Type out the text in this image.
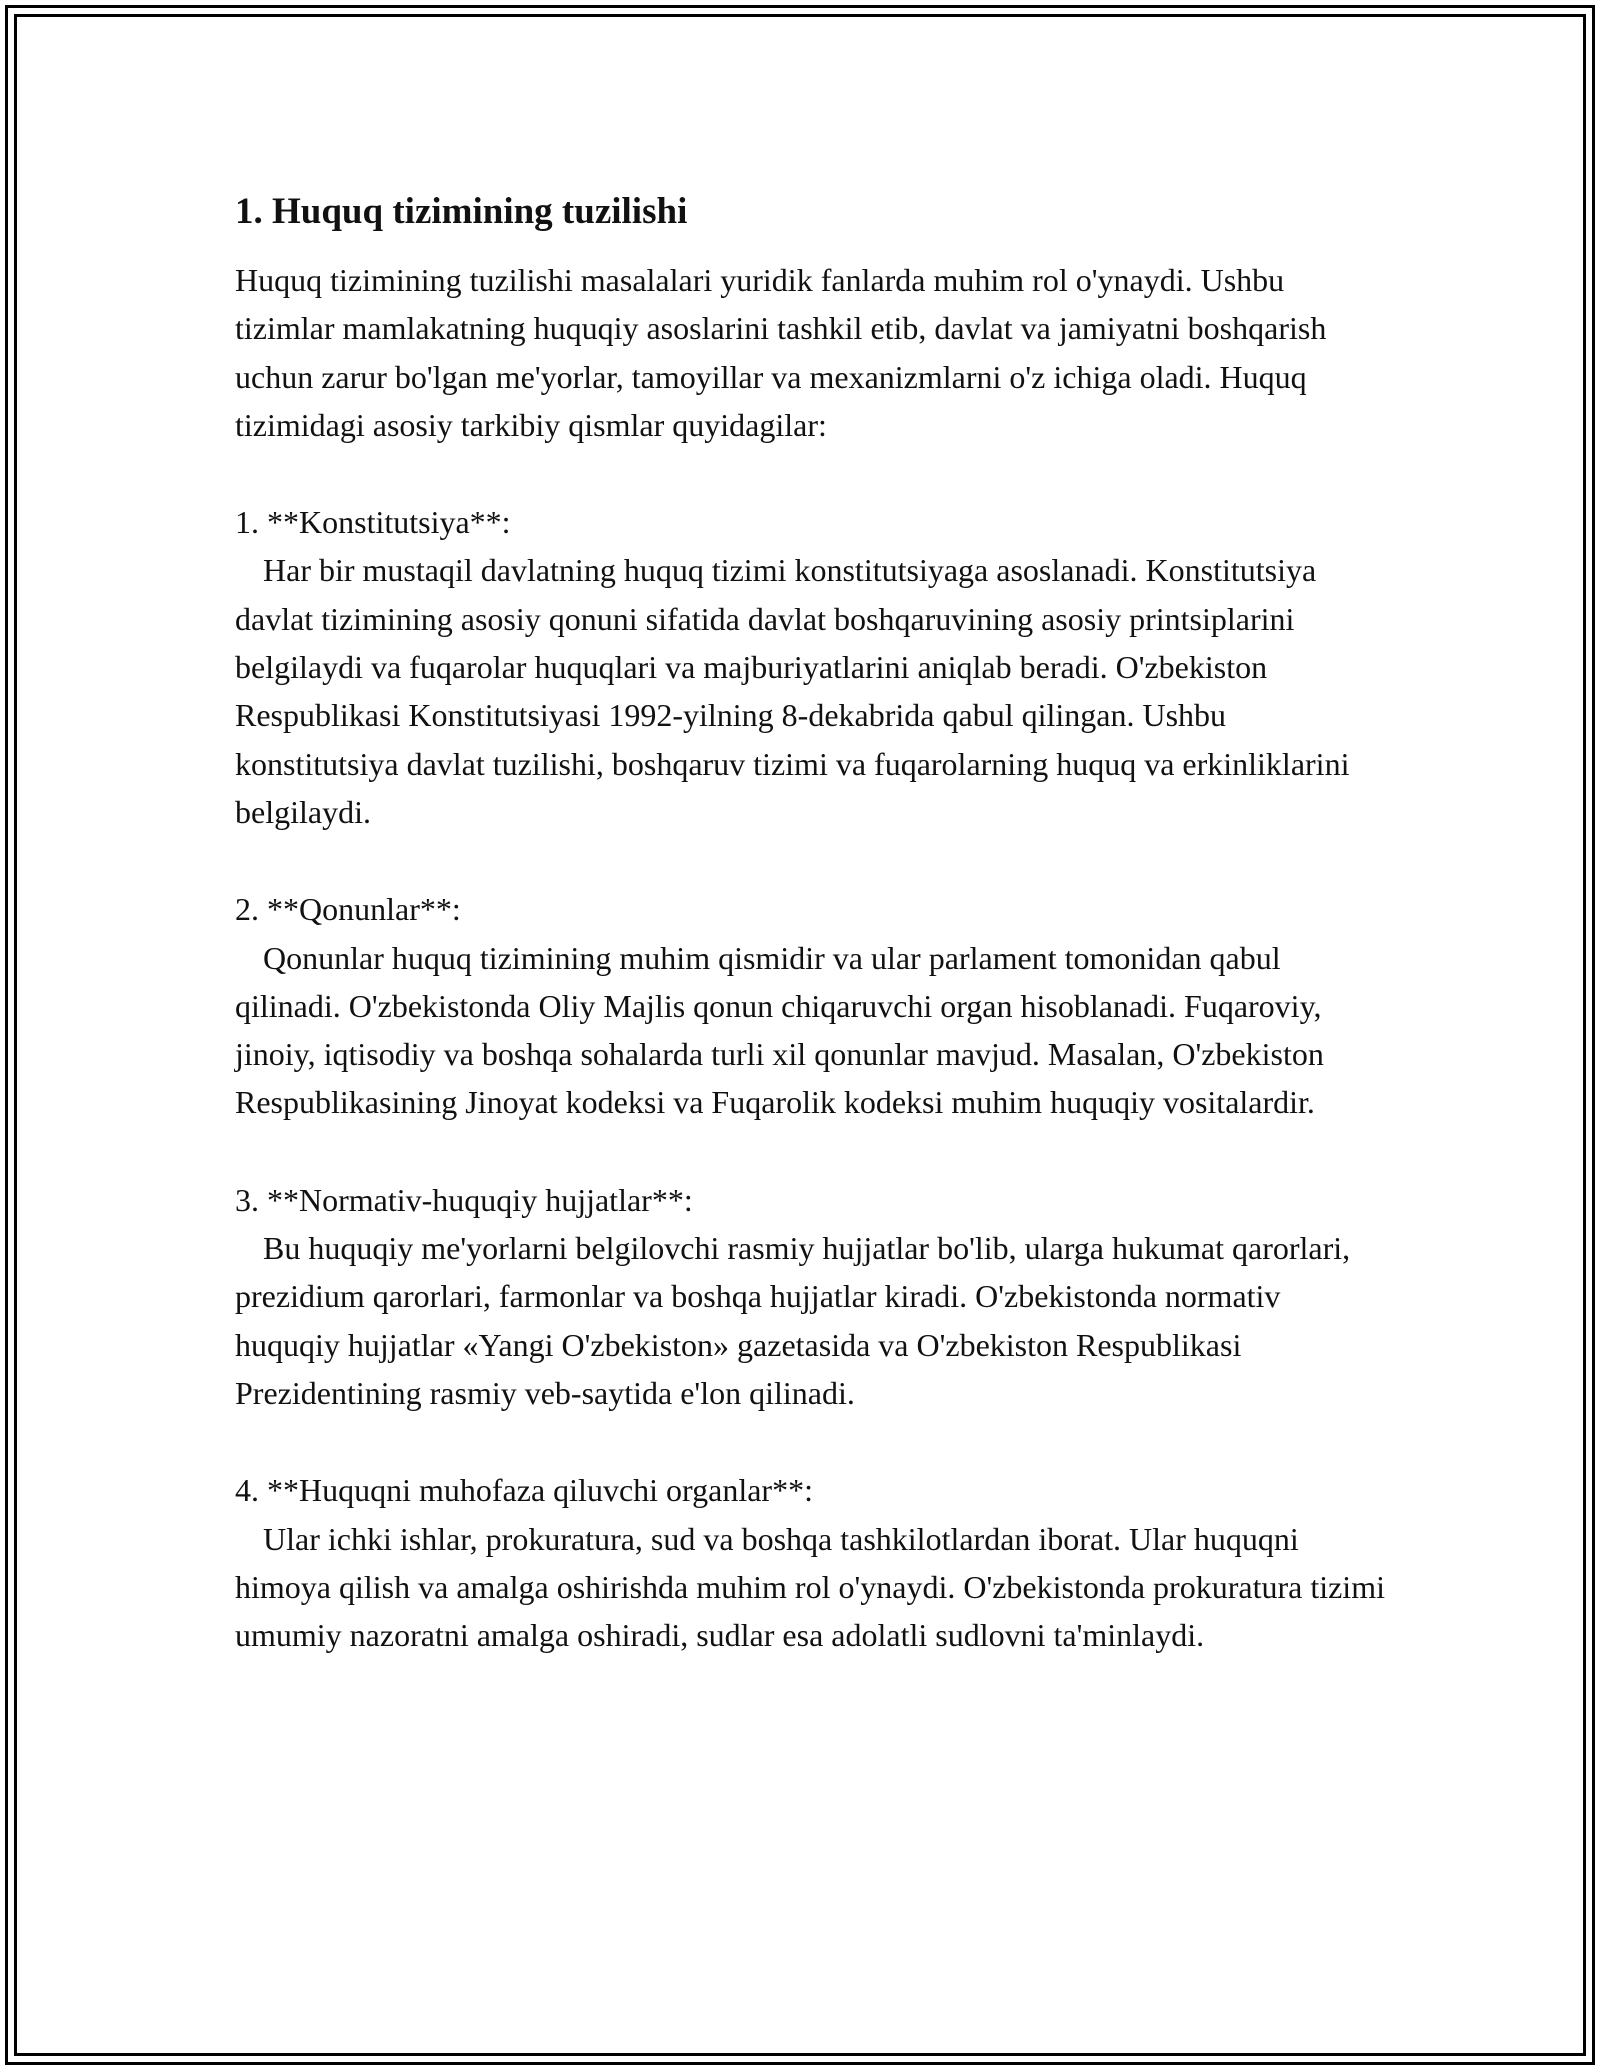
1. Huquq tizimining tuzilishi

Huquq tizimining tuzilishi masalalari yuridik fanlarda muhim rol o'ynaydi. Ushbu tizimlar mamlakatning huquqiy asoslarini tashkil etib, davlat va jamiyatni boshqarish uchun zarur bo'lgan me'yorlar, tamoyillar va mexanizmlarni o'z ichiga oladi. Huquq tizimidagi asosiy tarkibiy qismlar quyidagilar:

1. **Konstitutsiya**:

Har bir mustaqil davlatning huquq tizimi konstitutsiyaga asoslanadi. Konstitutsiya davlat tizimining asosiy qonuni sifatida davlat boshqaruvining asosiy printsiplarini belgilaydi va fuqarolar huquqlari va majburiyatlarini aniqlab beradi. O'zbekiston Respublikasi Konstitutsiyasi 1992-yilning 8-dekabrida qabul qilingan. Ushbu konstitutsiya davlat tuzilishi, boshqaruv tizimi va fuqarolarning huquq va erkinliklarini belgilaydi.

2. **Qonunlar**:

Qonunlar huquq tizimining muhim qismidir va ular parlament tomonidan qabul qilinadi. O'zbekistonda Oliy Majlis qonun chiqaruvchi organ hisoblanadi. Fuqaroviy, jinoiy, iqtisodiy va boshqa sohalarda turli xil qonunlar mavjud. Masalan, O'zbekiston Respublikasining Jinoyat kodeksi va Fuqarolik kodeksi muhim huquqiy vositalardir.

3. **Normativ-huquqiy hujjatlar**:

Bu huquqiy me'yorlarni belgilovchi rasmiy hujjatlar bo'lib, ularga hukumat qarorlari, prezidium qarorlari, farmonlar va boshqa hujjatlar kiradi. O'zbekistonda normativ huquqiy hujjatlar «Yangi O'zbekiston» gazetasida va O'zbekiston Respublikasi Prezidentining rasmiy veb-saytida e'lon qilinadi.

4. **Huquqni muhofaza qiluvchi organlar**:

Ular ichki ishlar, prokuratura, sud va boshqa tashkilotlardan iborat. Ular huquqni himoya qilish va amalga oshirishda muhim rol o'ynaydi. O'zbekistonda prokuratura tizimi umumiy nazoratni amalga oshiradi, sudlar esa adolatli sudlovni ta'minlaydi.
